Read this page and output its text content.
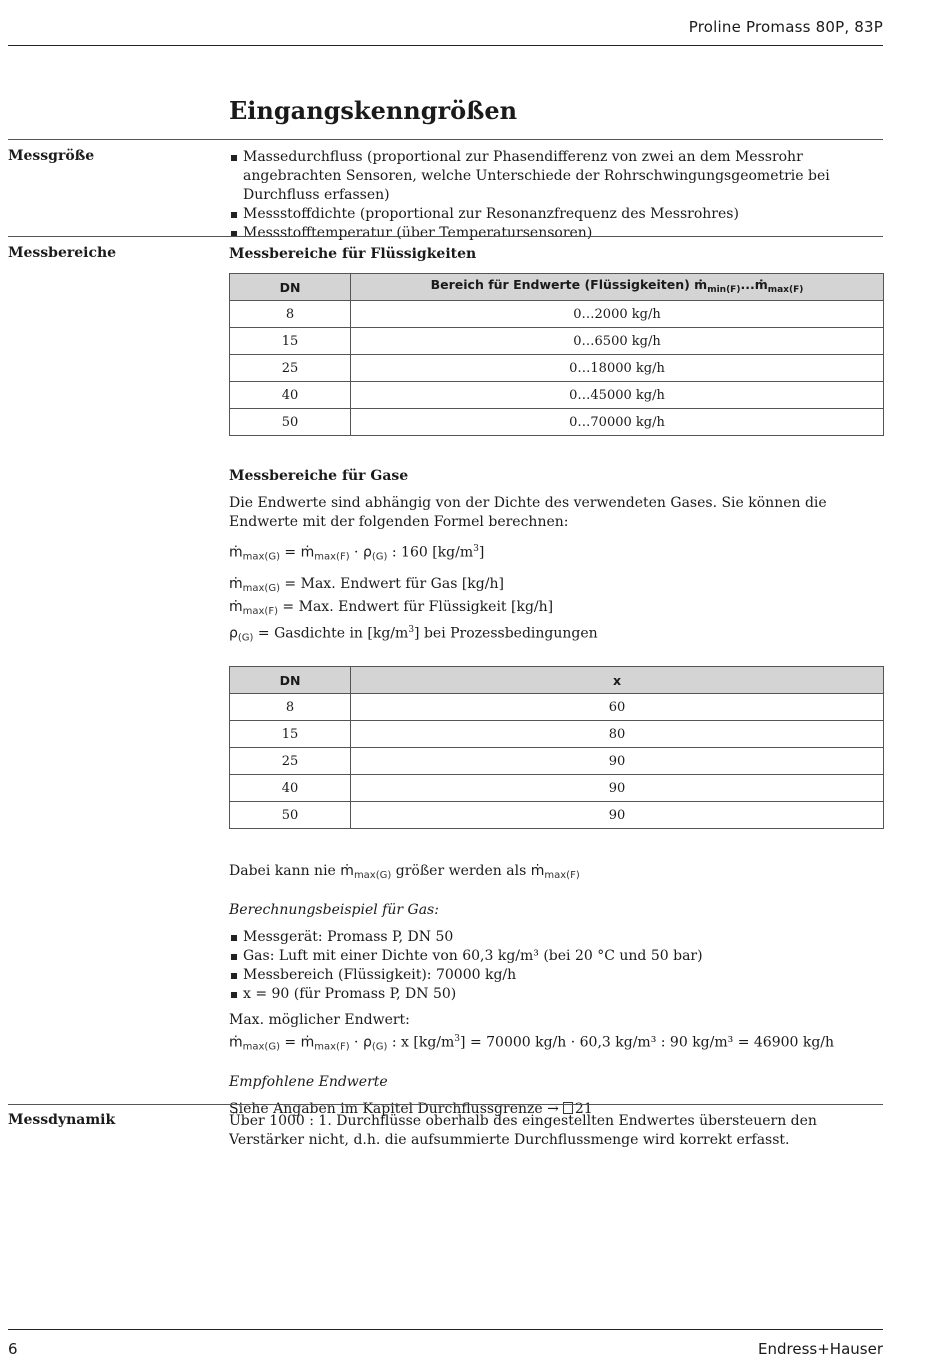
Proline Promass 80P, 83P
Eingangskenngrößen
Messgröße	Massedurchfluss (proportional zur Phasendifferenz von zwei an dem Messrohr angebrachten Sensoren, welche Unterschiede der Rohrschwingungsgeometrie bei Durchfluss erfassen)
Messstoffdichte (proportional zur Resonanzfrequenz des Messrohres)
Messstofftemperatur (über Temperatursensoren)
Messbereiche	Messbereiche für Flüssigkeiten
DN	Bereich für Endwerte (Flüssigkeiten) ṁ$_{min(F)}$...ṁ$_{max(F)}$
8	0…2000 kg/h
15	0…6500 kg/h
25	0…18000 kg/h
40	0…45000 kg/h
50	0…70000 kg/h
Messbereiche für Gase
Die Endwerte sind abhängig von der Dichte des verwendeten Gases. Sie können die Endwerte mit der folgenden Formel berechnen:
ṁ$_{max(G)}$ = ṁ$_{max(F)}$ · $\rho_{(G)}$ : 160 $[kg/m^3]$
ṁ$_{max(G)}$ = Max. Endwert für Gas [kg/h]
ṁ$_{max(F)}$ = Max. Endwert für Flüssigkeit [kg/h]
$\rho_{(G)}$ = Gasdichte in $[kg/m^3]$ bei Prozessbedingungen
DN	x
8	60
15	80
25	90
40	90
50	90
Dabei kann nie ṁ$_{max(G)}$ größer werden als ṁ$_{max(F)}$
Berechnungsbeispiel für Gas:
Messgerät: Promass P, DN 50
Gas: Luft mit einer Dichte von 60,3 kg/m³ (bei 20 °C und 50 bar)
Messbereich (Flüssigkeit): 70000 kg/h
x = 90 (für Promass P, DN 50)
Max. möglicher Endwert:
ṁ$_{max(G)}$ = ṁ$_{max(F)}$ · $\rho_{(G)}$ : x $[kg/m^3] = 70000$ kg/h · 60,3 kg/m³ : 90 kg/m³ = 46900 kg/h
Empfohlene Endwerte
Siehe Angaben im Kapitel Durchflussgrenze → 21
Messdynamik	Über 1000 : 1. Durchflüsse oberhalb des eingestellten Endwertes übersteuern den Verstärker nicht, d.h. die aufsummierte Durchflussmenge wird korrekt erfasst.
6	Endress+Hauser
